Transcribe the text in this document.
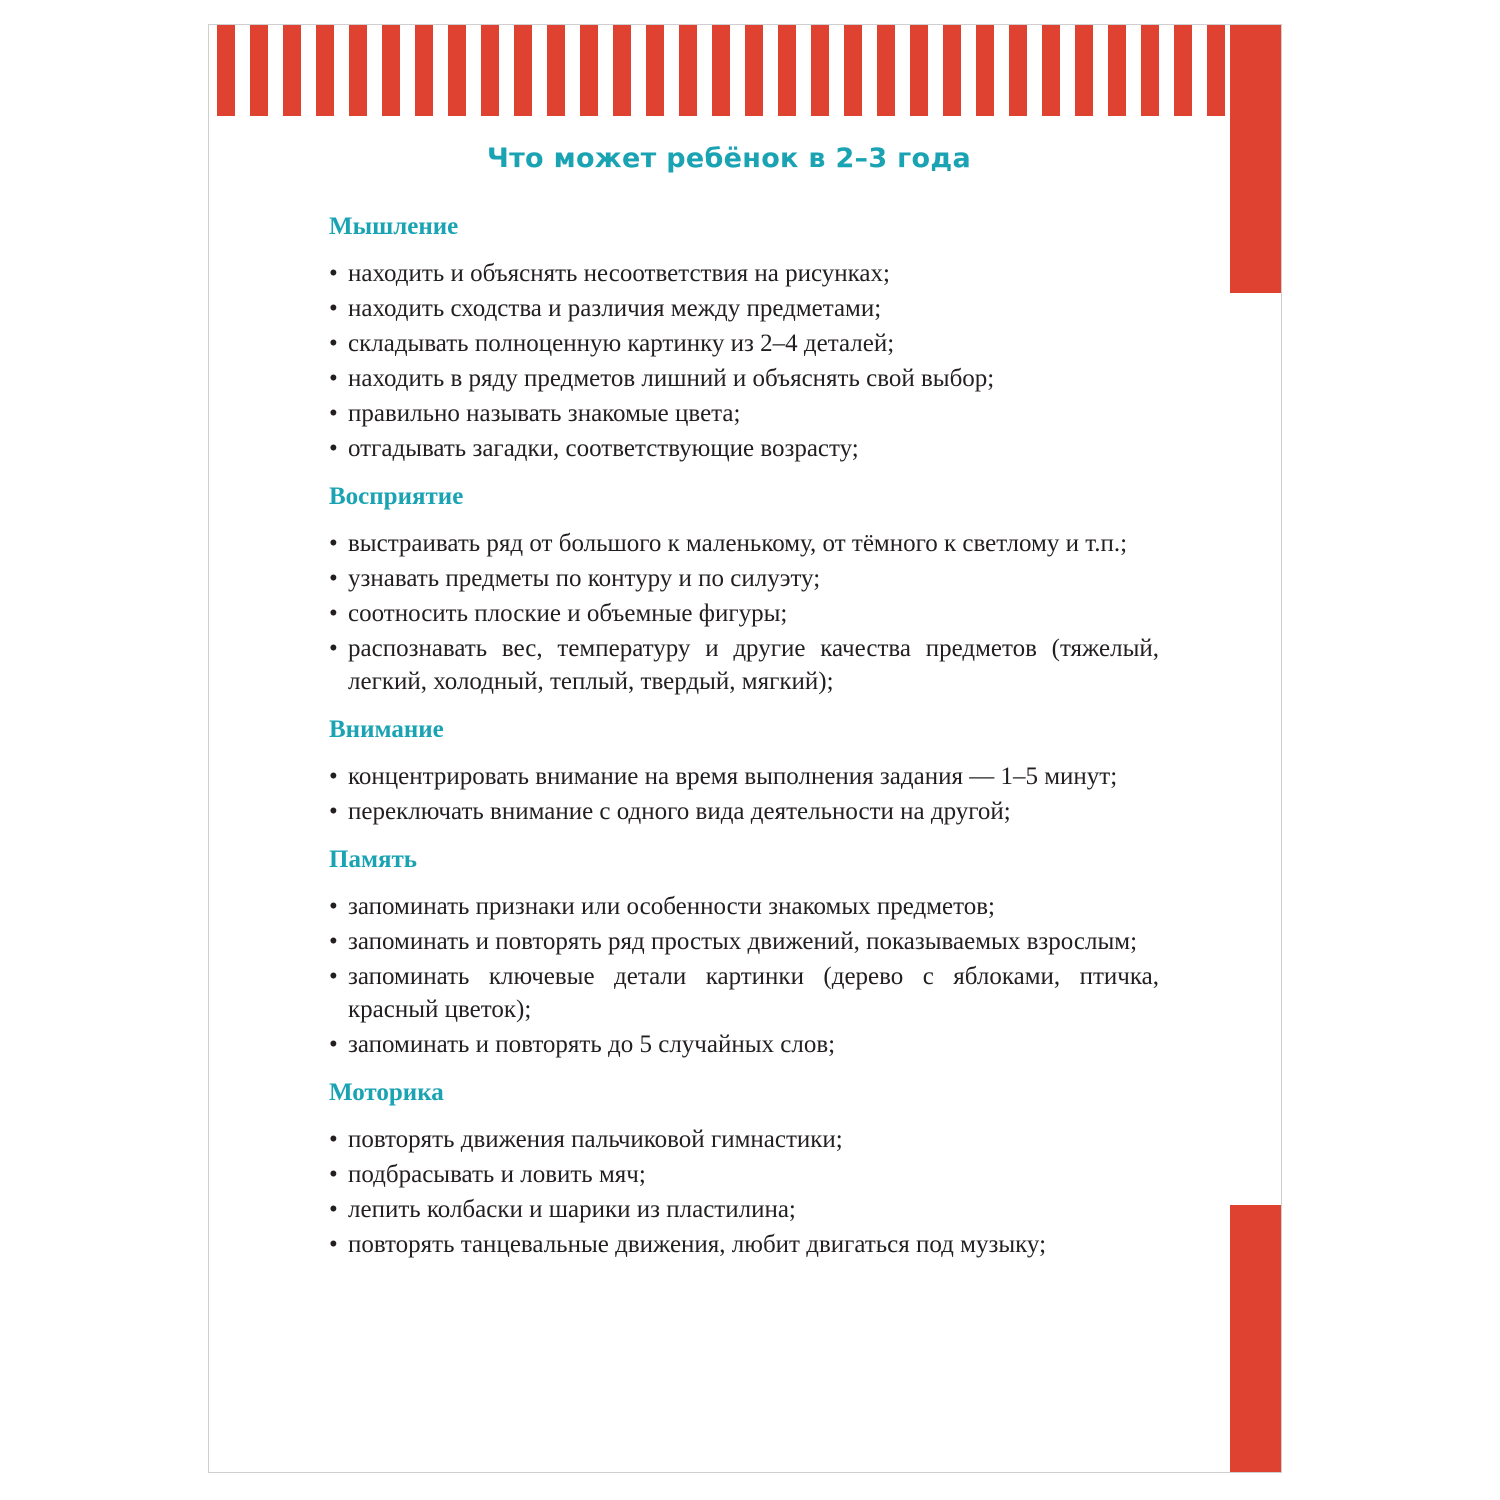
Что может ребёнок в 2–3 года
Мышление
• находить и объяснять несоответствия на рисунках;
• находить сходства и различия между предметами;
• складывать полноценную картинку из 2–4 деталей;
• находить в ряду предметов лишний и объяснять свой выбор;
• правильно называть знакомые цвета;
• отгадывать загадки, соответствующие возрасту;
Восприятие
• выстраивать ряд от большого к маленькому, от тёмного к светлому и т.п.;
• узнавать предметы по контуру и по силуэту;
• соотносить плоские и объемные фигуры;
• распознавать вес, температуру и другие качества предметов (тяжелый, легкий, холодный, теплый, твердый, мягкий);
Внимание
• концентрировать внимание на время выполнения задания — 1–5 минут;
• переключать внимание с одного вида деятельности на другой;
Память
• запоминать признаки или особенности знакомых предметов;
• запоминать и повторять ряд простых движений, показываемых взрослым;
• запоминать ключевые детали картинки (дерево с яблоками, птичка, красный цветок);
• запоминать и повторять до 5 случайных слов;
Моторика
• повторять движения пальчиковой гимнастики;
• подбрасывать и ловить мяч;
• лепить колбаски и шарики из пластилина;
• повторять танцевальные движения, любит двигаться под музыку;
